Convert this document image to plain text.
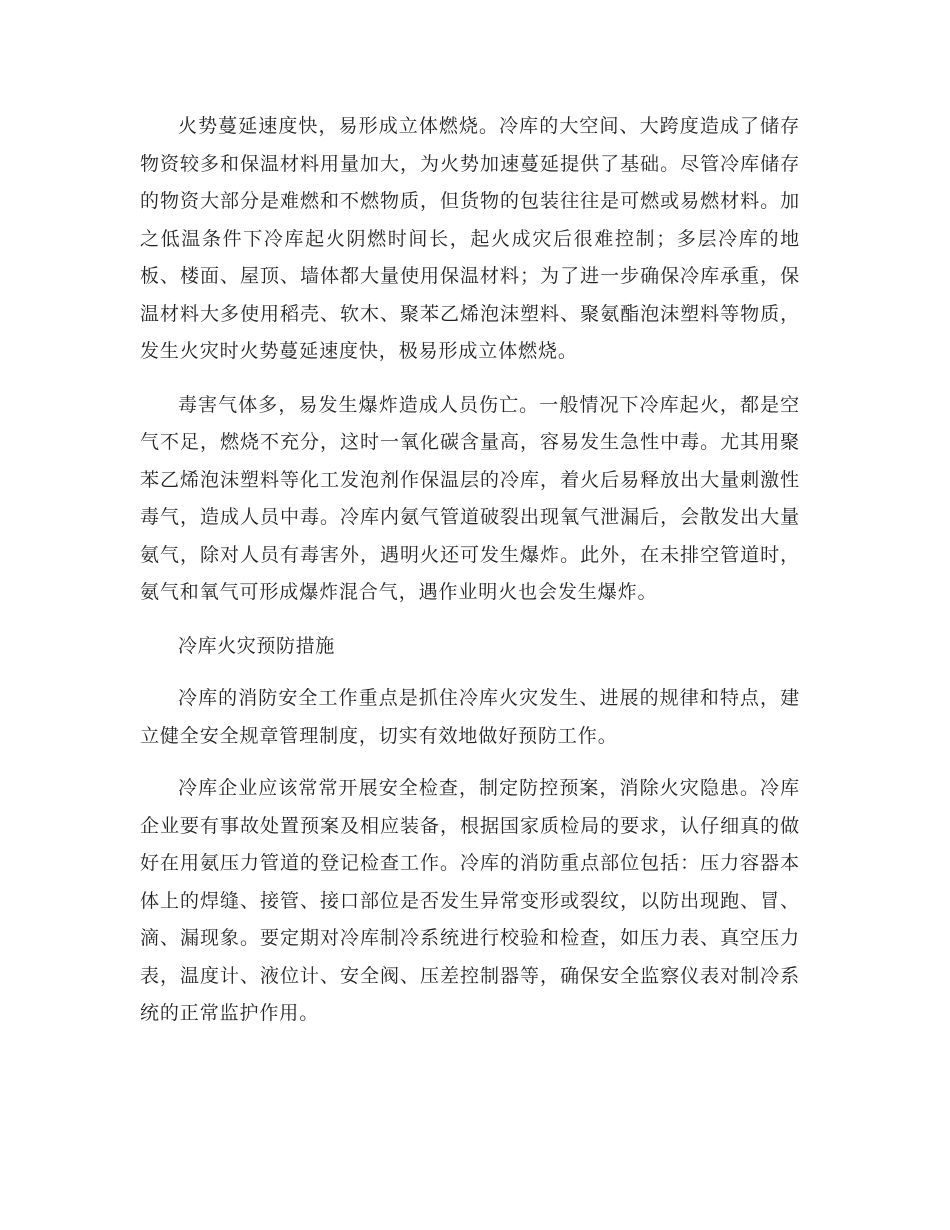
火势蔓延速度快，易形成立体燃烧。冷库的大空间、大跨度造成了储存物资较多和保温材料用量加大，为火势加速蔓延提供了基础。尽管冷库储存的物资大部分是难燃和不燃物质，但货物的包装往往是可燃或易燃材料。加之低温条件下冷库起火阴燃时间长，起火成灾后很难控制；多层冷库的地板、楼面、屋顶、墙体都大量使用保温材料；为了进一步确保冷库承重，保温材料大多使用稻壳、软木、聚苯乙烯泡沫塑料、聚氨酯泡沫塑料等物质，发生火灾时火势蔓延速度快，极易形成立体燃烧。

毒害气体多，易发生爆炸造成人员伤亡。一般情况下冷库起火，都是空气不足，燃烧不充分，这时一氧化碳含量高，容易发生急性中毒。尤其用聚苯乙烯泡沫塑料等化工发泡剂作保温层的冷库，着火后易释放出大量刺激性毒气，造成人员中毒。冷库内氨气管道破裂出现氧气泄漏后，会散发出大量氨气，除对人员有毒害外，遇明火还可发生爆炸。此外，在未排空管道时，氨气和氧气可形成爆炸混合气，遇作业明火也会发生爆炸。

冷库火灾预防措施

冷库的消防安全工作重点是抓住冷库火灾发生、进展的规律和特点，建立健全安全规章管理制度，切实有效地做好预防工作。

冷库企业应该常常开展安全检查，制定防控预案，消除火灾隐患。冷库企业要有事故处置预案及相应装备，根据国家质检局的要求，认仔细真的做好在用氨压力管道的登记检查工作。冷库的消防重点部位包括：压力容器本体上的焊缝、接管、接口部位是否发生异常变形或裂纹，以防出现跑、冒、滴、漏现象。要定期对冷库制冷系统进行校验和检查，如压力表、真空压力表，温度计、液位计、安全阀、压差控制器等，确保安全监察仪表对制冷系统的正常监护作用。
